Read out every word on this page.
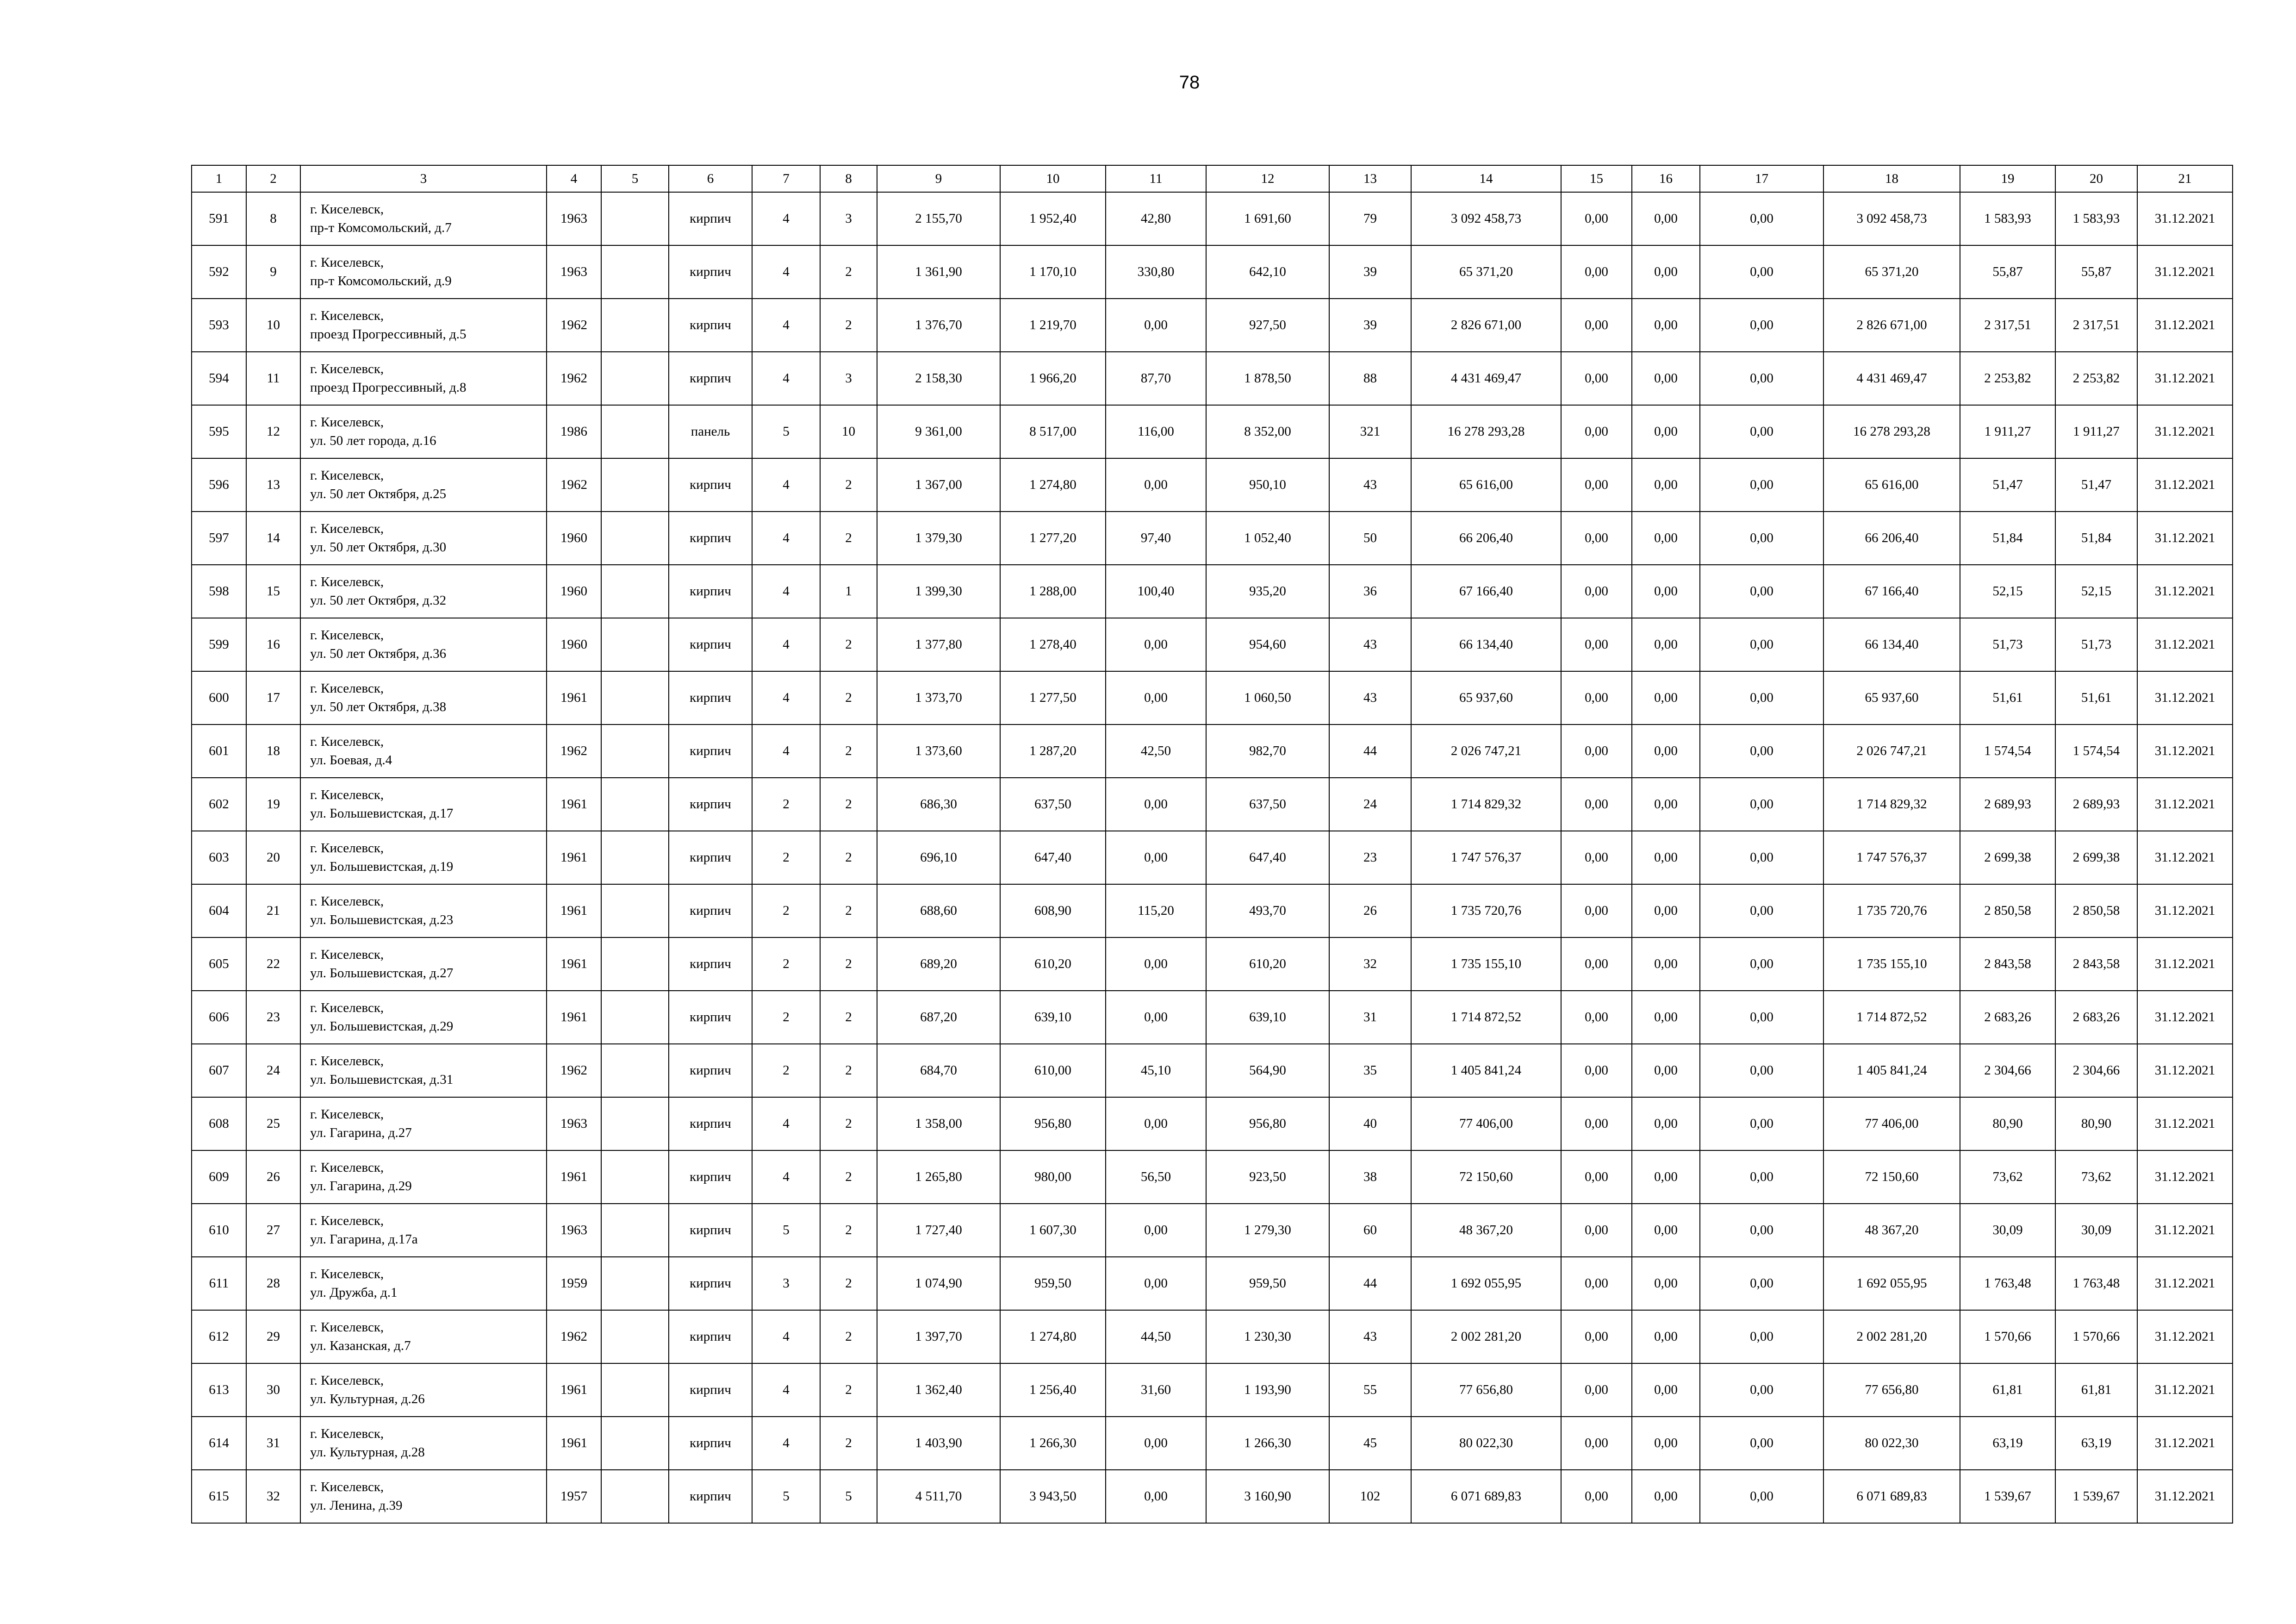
78
1	2	3	4	5	6	7	8	9	10	11	12	13	14	15	16	17	18	19	20	21
591	8	г. Киселевск,
пр-т Комсомольский, д.7	1963		кирпич	4	3	2 155,70	1 952,40	42,80	1 691,60	79	3 092 458,73	0,00	0,00	0,00	3 092 458,73	1 583,93	1 583,93	31.12.2021
592	9	г. Киселевск,
пр-т Комсомольский, д.9	1963		кирпич	4	2	1 361,90	1 170,10	330,80	642,10	39	65 371,20	0,00	0,00	0,00	65 371,20	55,87	55,87	31.12.2021
593	10	г. Киселевск,
проезд Прогрессивный, д.5	1962		кирпич	4	2	1 376,70	1 219,70	0,00	927,50	39	2 826 671,00	0,00	0,00	0,00	2 826 671,00	2 317,51	2 317,51	31.12.2021
594	11	г. Киселевск,
проезд Прогрессивный, д.8	1962		кирпич	4	3	2 158,30	1 966,20	87,70	1 878,50	88	4 431 469,47	0,00	0,00	0,00	4 431 469,47	2 253,82	2 253,82	31.12.2021
595	12	г. Киселевск,
ул. 50 лет города, д.16	1986		панель	5	10	9 361,00	8 517,00	116,00	8 352,00	321	16 278 293,28	0,00	0,00	0,00	16 278 293,28	1 911,27	1 911,27	31.12.2021
596	13	г. Киселевск,
ул. 50 лет Октября, д.25	1962		кирпич	4	2	1 367,00	1 274,80	0,00	950,10	43	65 616,00	0,00	0,00	0,00	65 616,00	51,47	51,47	31.12.2021
597	14	г. Киселевск,
ул. 50 лет Октября, д.30	1960		кирпич	4	2	1 379,30	1 277,20	97,40	1 052,40	50	66 206,40	0,00	0,00	0,00	66 206,40	51,84	51,84	31.12.2021
598	15	г. Киселевск,
ул. 50 лет Октября, д.32	1960		кирпич	4	1	1 399,30	1 288,00	100,40	935,20	36	67 166,40	0,00	0,00	0,00	67 166,40	52,15	52,15	31.12.2021
599	16	г. Киселевск,
ул. 50 лет Октября, д.36	1960		кирпич	4	2	1 377,80	1 278,40	0,00	954,60	43	66 134,40	0,00	0,00	0,00	66 134,40	51,73	51,73	31.12.2021
600	17	г. Киселевск,
ул. 50 лет Октября, д.38	1961		кирпич	4	2	1 373,70	1 277,50	0,00	1 060,50	43	65 937,60	0,00	0,00	0,00	65 937,60	51,61	51,61	31.12.2021
601	18	г. Киселевск,
ул. Боевая, д.4	1962		кирпич	4	2	1 373,60	1 287,20	42,50	982,70	44	2 026 747,21	0,00	0,00	0,00	2 026 747,21	1 574,54	1 574,54	31.12.2021
602	19	г. Киселевск,
ул. Большевистская, д.17	1961		кирпич	2	2	686,30	637,50	0,00	637,50	24	1 714 829,32	0,00	0,00	0,00	1 714 829,32	2 689,93	2 689,93	31.12.2021
603	20	г. Киселевск,
ул. Большевистская, д.19	1961		кирпич	2	2	696,10	647,40	0,00	647,40	23	1 747 576,37	0,00	0,00	0,00	1 747 576,37	2 699,38	2 699,38	31.12.2021
604	21	г. Киселевск,
ул. Большевистская, д.23	1961		кирпич	2	2	688,60	608,90	115,20	493,70	26	1 735 720,76	0,00	0,00	0,00	1 735 720,76	2 850,58	2 850,58	31.12.2021
605	22	г. Киселевск,
ул. Большевистская, д.27	1961		кирпич	2	2	689,20	610,20	0,00	610,20	32	1 735 155,10	0,00	0,00	0,00	1 735 155,10	2 843,58	2 843,58	31.12.2021
606	23	г. Киселевск,
ул. Большевистская, д.29	1961		кирпич	2	2	687,20	639,10	0,00	639,10	31	1 714 872,52	0,00	0,00	0,00	1 714 872,52	2 683,26	2 683,26	31.12.2021
607	24	г. Киселевск,
ул. Большевистская, д.31	1962		кирпич	2	2	684,70	610,00	45,10	564,90	35	1 405 841,24	0,00	0,00	0,00	1 405 841,24	2 304,66	2 304,66	31.12.2021
608	25	г. Киселевск,
ул. Гагарина, д.27	1963		кирпич	4	2	1 358,00	956,80	0,00	956,80	40	77 406,00	0,00	0,00	0,00	77 406,00	80,90	80,90	31.12.2021
609	26	г. Киселевск,
ул. Гагарина, д.29	1961		кирпич	4	2	1 265,80	980,00	56,50	923,50	38	72 150,60	0,00	0,00	0,00	72 150,60	73,62	73,62	31.12.2021
610	27	г. Киселевск,
ул. Гагарина, д.17а	1963		кирпич	5	2	1 727,40	1 607,30	0,00	1 279,30	60	48 367,20	0,00	0,00	0,00	48 367,20	30,09	30,09	31.12.2021
611	28	г. Киселевск,
ул. Дружба, д.1	1959		кирпич	3	2	1 074,90	959,50	0,00	959,50	44	1 692 055,95	0,00	0,00	0,00	1 692 055,95	1 763,48	1 763,48	31.12.2021
612	29	г. Киселевск,
ул. Казанская, д.7	1962		кирпич	4	2	1 397,70	1 274,80	44,50	1 230,30	43	2 002 281,20	0,00	0,00	0,00	2 002 281,20	1 570,66	1 570,66	31.12.2021
613	30	г. Киселевск,
ул. Культурная, д.26	1961		кирпич	4	2	1 362,40	1 256,40	31,60	1 193,90	55	77 656,80	0,00	0,00	0,00	77 656,80	61,81	61,81	31.12.2021
614	31	г. Киселевск,
ул. Культурная, д.28	1961		кирпич	4	2	1 403,90	1 266,30	0,00	1 266,30	45	80 022,30	0,00	0,00	0,00	80 022,30	63,19	63,19	31.12.2021
615	32	г. Киселевск,
ул. Ленина, д.39	1957		кирпич	5	5	4 511,70	3 943,50	0,00	3 160,90	102	6 071 689,83	0,00	0,00	0,00	6 071 689,83	1 539,67	1 539,67	31.12.2021
